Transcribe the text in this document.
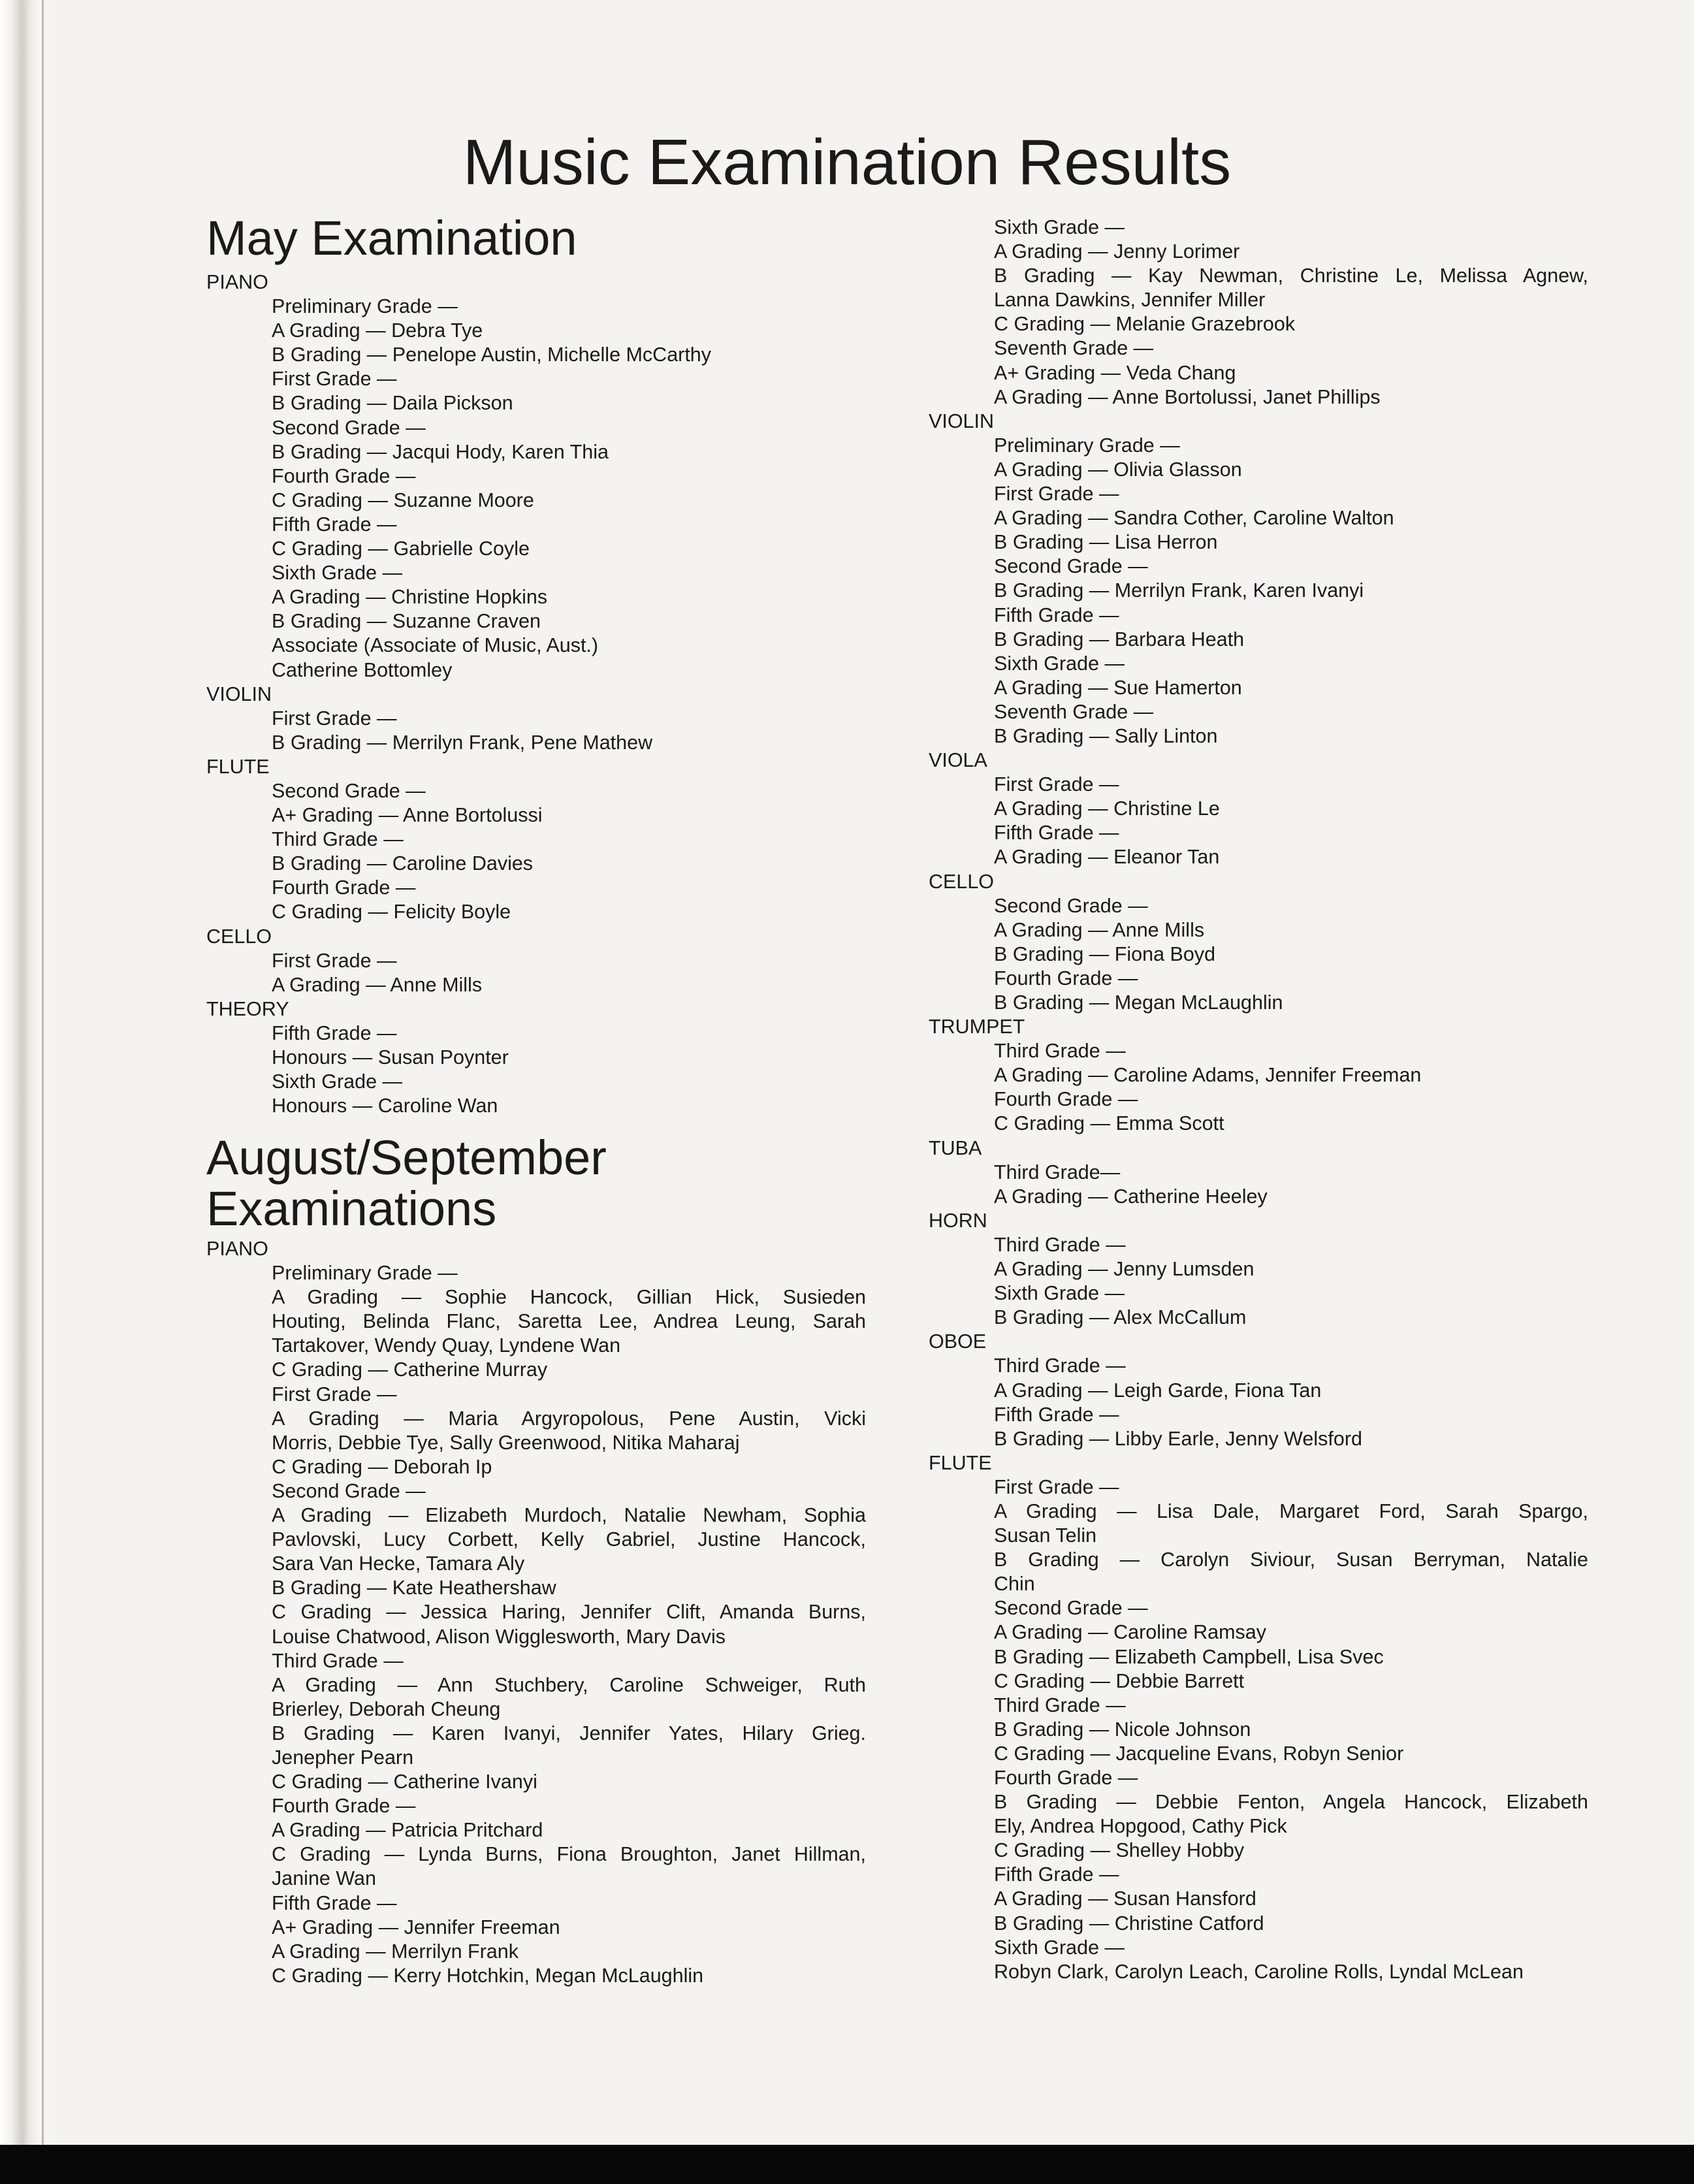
Music Examination Results
May Examination
PIANO
Preliminary Grade —
A Grading — Debra Tye
B Grading — Penelope Austin, Michelle McCarthy
First Grade —
B Grading — Daila Pickson
Second Grade —
B Grading — Jacqui Hody, Karen Thia
Fourth Grade —
C Grading — Suzanne Moore
Fifth Grade —
C Grading — Gabrielle Coyle
Sixth Grade —
A Grading — Christine Hopkins
B Grading — Suzanne Craven
Associate (Associate of Music, Aust.)
Catherine Bottomley
VIOLIN
First Grade —
B Grading — Merrilyn Frank, Pene Mathew
FLUTE
Second Grade —
A+ Grading — Anne Bortolussi
Third Grade —
B Grading — Caroline Davies
Fourth Grade —
C Grading — Felicity Boyle
CELLO
First Grade —
A Grading — Anne Mills
THEORY
Fifth Grade —
Honours — Susan Poynter
Sixth Grade —
Honours — Caroline Wan
August/September
Examinations
PIANO
Preliminary Grade —
A Grading — Sophie Hancock, Gillian Hick, Susieden
Houting, Belinda Flanc, Saretta Lee, Andrea Leung, Sarah
Tartakover, Wendy Quay, Lyndene Wan
C Grading — Catherine Murray
First Grade —
A Grading — Maria Argyropolous, Pene Austin, Vicki
Morris, Debbie Tye, Sally Greenwood, Nitika Maharaj
C Grading — Deborah Ip
Second Grade —
A Grading — Elizabeth Murdoch, Natalie Newham, Sophia
Pavlovski, Lucy Corbett, Kelly Gabriel, Justine Hancock,
Sara Van Hecke, Tamara Aly
B Grading — Kate Heathershaw
C Grading — Jessica Haring, Jennifer Clift, Amanda Burns,
Louise Chatwood, Alison Wigglesworth, Mary Davis
Third Grade —
A Grading — Ann Stuchbery, Caroline Schweiger, Ruth
Brierley, Deborah Cheung
B Grading — Karen Ivanyi, Jennifer Yates, Hilary Grieg.
Jenepher Pearn
C Grading — Catherine Ivanyi
Fourth Grade —
A Grading — Patricia Pritchard
C Grading — Lynda Burns, Fiona Broughton, Janet Hillman,
Janine Wan
Fifth Grade —
A+ Grading — Jennifer Freeman
A Grading — Merrilyn Frank
C Grading — Kerry Hotchkin, Megan McLaughlin
Sixth Grade —
A Grading — Jenny Lorimer
B Grading — Kay Newman, Christine Le, Melissa Agnew,
Lanna Dawkins, Jennifer Miller
C Grading — Melanie Grazebrook
Seventh Grade —
A+ Grading — Veda Chang
A Grading — Anne Bortolussi, Janet Phillips
VIOLIN
Preliminary Grade —
A Grading — Olivia Glasson
First Grade —
A Grading — Sandra Cother, Caroline Walton
B Grading — Lisa Herron
Second Grade —
B Grading — Merrilyn Frank, Karen Ivanyi
Fifth Grade —
B Grading — Barbara Heath
Sixth Grade —
A Grading — Sue Hamerton
Seventh Grade —
B Grading — Sally Linton
VIOLA
First Grade —
A Grading — Christine Le
Fifth Grade —
A Grading — Eleanor Tan
CELLO
Second Grade —
A Grading — Anne Mills
B Grading — Fiona Boyd
Fourth Grade —
B Grading — Megan McLaughlin
TRUMPET
Third Grade —
A Grading — Caroline Adams, Jennifer Freeman
Fourth Grade —
C Grading — Emma Scott
TUBA
Third Grade—
A Grading — Catherine Heeley
HORN
Third Grade —
A Grading — Jenny Lumsden
Sixth Grade —
B Grading — Alex McCallum
OBOE
Third Grade —
A Grading — Leigh Garde, Fiona Tan
Fifth Grade —
B Grading — Libby Earle, Jenny Welsford
FLUTE
First Grade —
A Grading — Lisa Dale, Margaret Ford, Sarah Spargo,
Susan Telin
B Grading — Carolyn Siviour, Susan Berryman, Natalie
Chin
Second Grade —
A Grading — Caroline Ramsay
B Grading — Elizabeth Campbell, Lisa Svec
C Grading — Debbie Barrett
Third Grade —
B Grading — Nicole Johnson
C Grading — Jacqueline Evans, Robyn Senior
Fourth Grade —
B Grading — Debbie Fenton, Angela Hancock, Elizabeth
Ely, Andrea Hopgood, Cathy Pick
C Grading — Shelley Hobby
Fifth Grade —
A Grading — Susan Hansford
B Grading — Christine Catford
Sixth Grade —
Robyn Clark, Carolyn Leach, Caroline Rolls, Lyndal McLean
